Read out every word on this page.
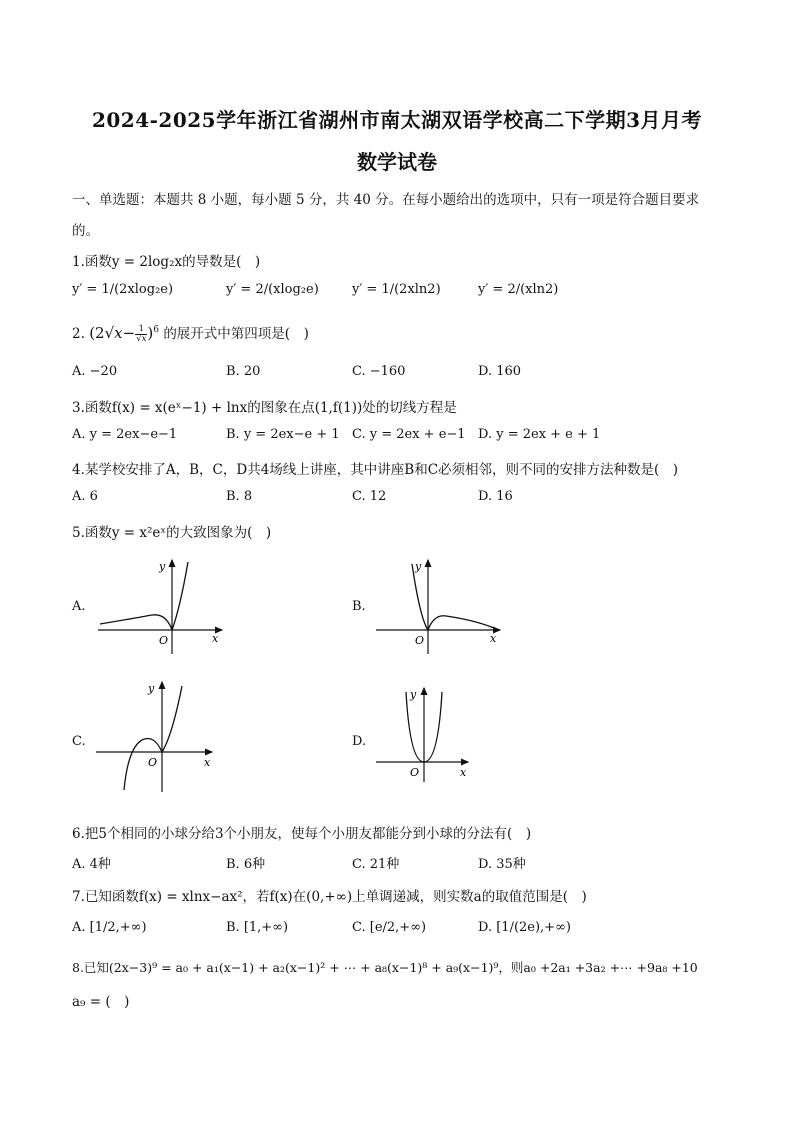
2024-2025学年浙江省湖州市南太湖双语学校高二下学期3月月考
数学试卷
一、单选题：本题共 8 小题，每小题 5 分，共 40 分。在每小题给出的选项中，只有一项是符合题目要求
的。
1.函数y = 2log₂x的导数是(　)
y′ = 1/(2xlog₂e)	y′ = 2/(xlog₂e)	y′ = 1/(2xln2)	y′ = 2/(xln2)
2. $(2√x- \frac{1}{√x} )^6$ 的展开式中第四项是(　)
A. −20	B. 20	C. −160	D. 160
3.函数f(x) = x(eˣ−1) + lnx的图象在点(1,f(1))处的切线方程是
A. y = 2ex−e−1	B. y = 2ex−e + 1 C. y = 2ex + e−1 D. y = 2ex + e + 1
4.某学校安排了A，B，C，D共4场线上讲座，其中讲座B和C必须相邻，则不同的安排方法种数是(　)
A. 6	B. 8	C. 12	D. 16
5.函数y = x²eˣ的大致图象为(　)
A.
y
x
O
B.
y
x
O
C.
y
x
O
D.
y
x
O
6.把5个相同的小球分给3个小朋友，使每个小朋友都能分到小球的分法有(　)
A. 4种	B. 6种	C. 21种	D. 35种
7.已知函数f(x) = xlnx−ax²，若f(x)在(0,+∞)上单调递减，则实数a的取值范围是(　)
A. [1/2,+∞)	B. [1,+∞)	C. [e/2,+∞)	D. [1/(2e),+∞)
8.已知(2x−3)⁹ = a₀ + a₁(x−1) + a₂(x−1)² + ⋯ + a₈(x−1)⁸ + a₉(x−1)⁹，则a₀ +2a₁ +3a₂ +⋯ +9a₈ +10
a₉ = (　)
